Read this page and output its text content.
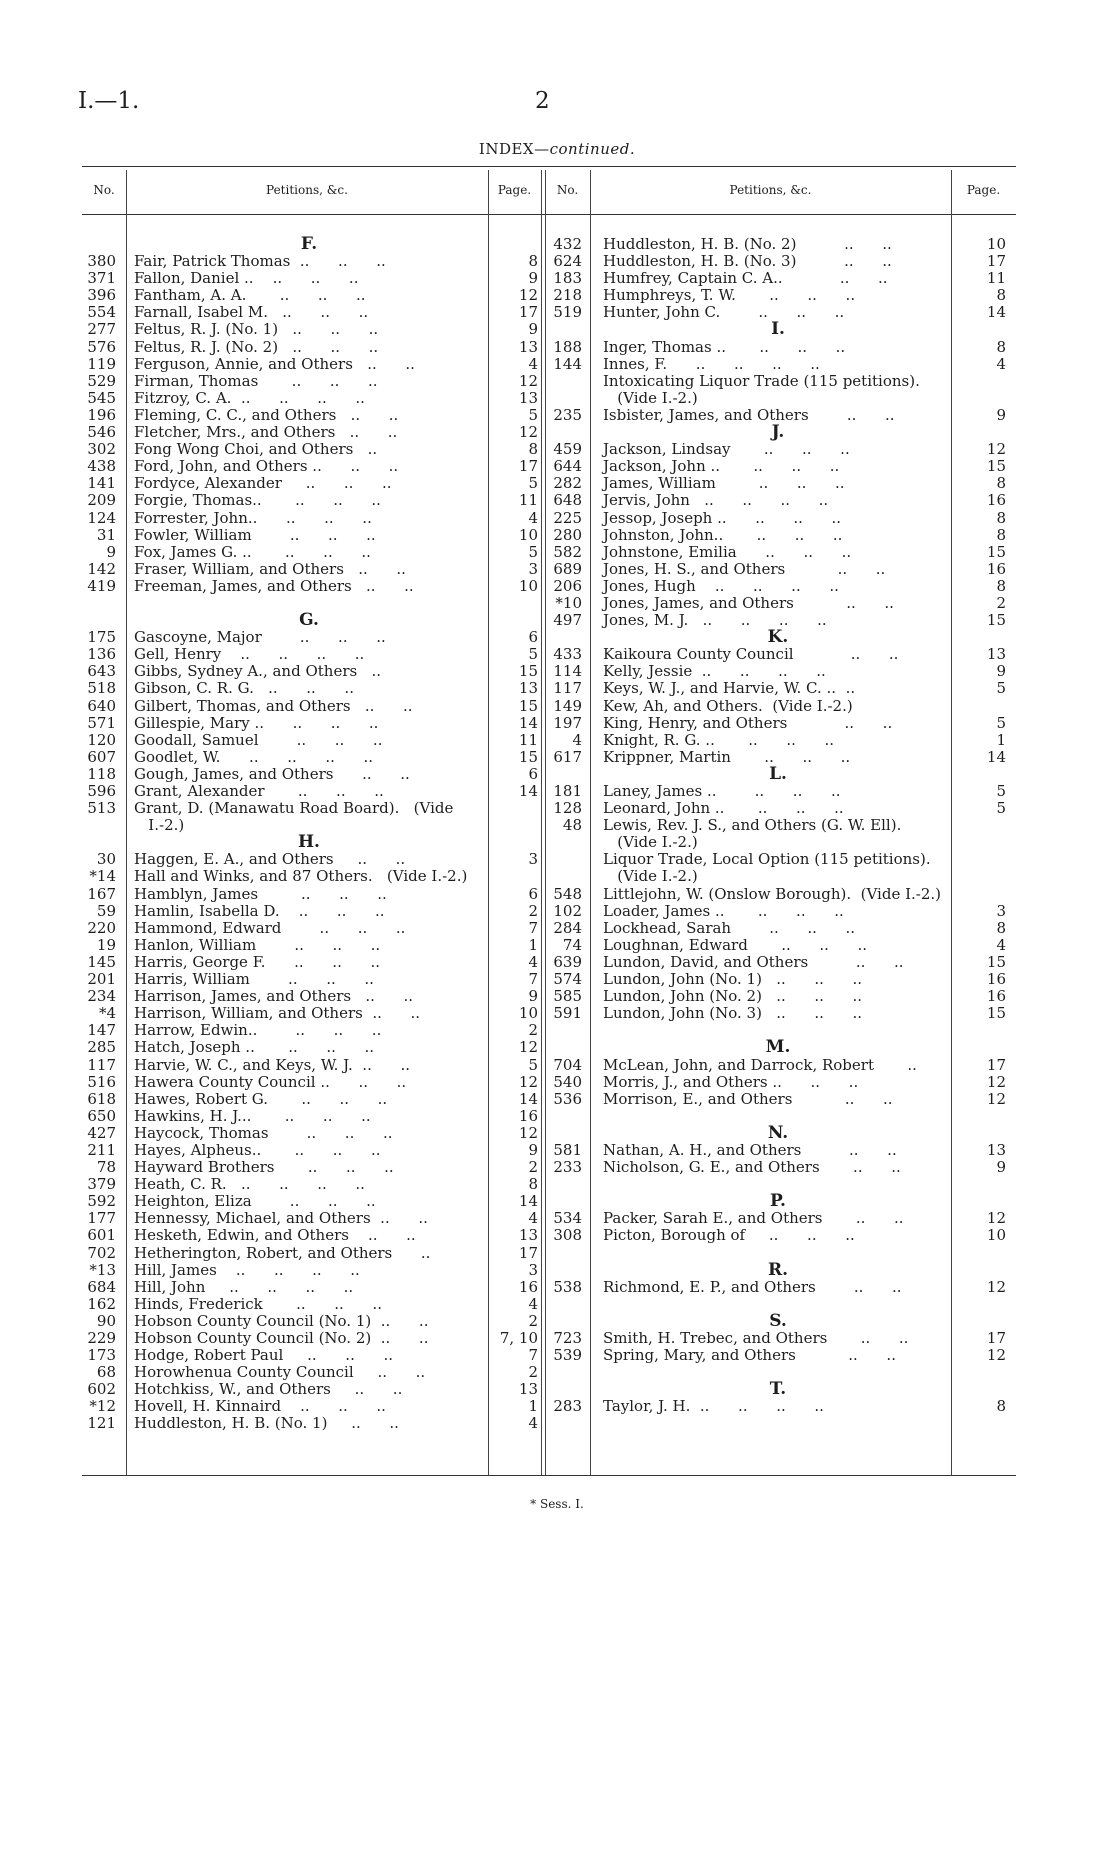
I.—1.	2
INDEX—continued.
No.	Petitions, &c.	Page.	No.	Petitions, &c.	Page.
F.
380 Fair, Patrick Thomas  ..      ..      ..	8
371 Fallon, Daniel ..    ..      ..      ..	9
396 Fantham, A. A.       ..      ..      ..	12
554 Farnall, Isabel M.   ..      ..      ..	17
277 Feltus, R. J. (No. 1)   ..      ..      ..	9
576 Feltus, R. J. (No. 2)   ..      ..      ..	13
119 Ferguson, Annie, and Others   ..      ..	4
529 Firman, Thomas       ..      ..      ..	12
545 Fitzroy, C. A.  ..      ..      ..      ..	13
196 Fleming, C. C., and Others   ..      ..	5
546 Fletcher, Mrs., and Others   ..      ..	12
302 Fong Wong Choi, and Others   ..	8
438 Ford, John, and Others ..      ..      ..	17
141 Fordyce, Alexander     ..      ..      ..	5
209 Forgie, Thomas..       ..      ..      ..	11
124 Forrester, John..      ..      ..      ..	4
31 Fowler, William        ..      ..      ..	10
9 Fox, James G. ..       ..      ..      ..	5
142 Fraser, William, and Others   ..      ..	3
419 Freeman, James, and Others   ..      ..	10
G.
175 Gascoyne, Major        ..      ..      ..	6
136 Gell, Henry    ..      ..      ..      ..	5
643 Gibbs, Sydney A., and Others   ..	15
518 Gibson, C. R. G.   ..      ..      ..	13
640 Gilbert, Thomas, and Others   ..      ..	15
571 Gillespie, Mary ..      ..      ..      ..	14
120 Goodall, Samuel        ..      ..      ..	11
607 Goodlet, W.      ..      ..      ..      ..	15
118 Gough, James, and Others      ..      ..	6
596 Grant, Alexander       ..      ..      ..	14
513 Grant, D. (Manawatu Road Board).   (Vide
I.-2.)
H.
30 Haggen, E. A., and Others     ..      ..	3
*14 Hall and Winks, and 87 Others.   (Vide I.-2.)
167 Hamblyn, James         ..      ..      ..	6
59 Hamlin, Isabella D.    ..      ..      ..	2
220 Hammond, Edward        ..      ..      ..	7
19 Hanlon, William        ..      ..      ..	1
145 Harris, George F.      ..      ..      ..	4
201 Harris, William        ..      ..      ..	7
234 Harrison, James, and Others   ..      ..	9
*4 Harrison, William, and Others  ..      ..	10
147 Harrow, Edwin..        ..      ..      ..	2
285 Hatch, Joseph ..       ..      ..      ..	12
117 Harvie, W. C., and Keys, W. J.  ..      ..	5
516 Hawera County Council ..      ..      ..	12
618 Hawes, Robert G.       ..      ..      ..	14
650 Hawkins, H. J...       ..      ..      ..	16
427 Haycock, Thomas        ..      ..      ..	12
211 Hayes, Alpheus..       ..      ..      ..	9
78 Hayward Brothers       ..      ..      ..	2
379 Heath, C. R.   ..      ..      ..      ..	8
592 Heighton, Eliza        ..      ..      ..	14
177 Hennessy, Michael, and Others  ..      ..	4
601 Hesketh, Edwin, and Others    ..      ..	13
702 Hetherington, Robert, and Others      ..	17
*13 Hill, James    ..      ..      ..      ..	3
684 Hill, John     ..      ..      ..      ..	16
162 Hinds, Frederick       ..      ..      ..	4
90 Hobson County Council (No. 1)  ..      ..	2
229 Hobson County Council (No. 2)  ..      ..	7, 10
173 Hodge, Robert Paul     ..      ..      ..	7
68 Horowhenua County Council     ..      ..	2
602 Hotchkiss, W., and Others     ..      ..	13
*12 Hovell, H. Kinnaird    ..      ..      ..	1
121 Huddleston, H. B. (No. 1)     ..      ..	4
432 Huddleston, H. B. (No. 2)          ..      ..	10
624 Huddleston, H. B. (No. 3)          ..      ..	17
183 Humfrey, Captain C. A..            ..      ..	11
218 Humphreys, T. W.       ..      ..      ..	8
519 Hunter, John C.        ..      ..      ..	14
I.
188 Inger, Thomas ..       ..      ..      ..	8
144 Innes, F.      ..      ..      ..      ..	4
Intoxicating Liquor Trade (115 petitions).
(Vide I.-2.)
235 Isbister, James, and Others        ..      ..	9
J.
459 Jackson, Lindsay       ..      ..      ..	12
644 Jackson, John ..       ..      ..      ..	15
282 James, William         ..      ..      ..	8
648 Jervis, John   ..      ..      ..      ..	16
225 Jessop, Joseph ..      ..      ..      ..	8
280 Johnston, John..       ..      ..      ..	8
582 Johnstone, Emilia      ..      ..      ..	15
689 Jones, H. S., and Others           ..      ..	16
206 Jones, Hugh    ..      ..      ..      ..	8
*10 Jones, James, and Others           ..      ..	2
497 Jones, M. J.   ..      ..      ..      ..	15
K.
433 Kaikoura County Council            ..      ..	13
114 Kelly, Jessie  ..      ..      ..      ..	9
117 Keys, W. J., and Harvie, W. C. ..  ..	5
149 Kew, Ah, and Others.  (Vide I.-2.)
197 King, Henry, and Others            ..      ..	5
4 Knight, R. G. ..       ..      ..      ..	1
617 Krippner, Martin       ..      ..      ..	14
L.
181 Laney, James ..        ..      ..      ..	5
128 Leonard, John ..       ..      ..      ..	5
48 Lewis, Rev. J. S., and Others (G. W. Ell).
(Vide I.-2.)
Liquor Trade, Local Option (115 petitions).
(Vide I.-2.)
548 Littlejohn, W. (Onslow Borough).  (Vide I.-2.)
102 Loader, James ..       ..      ..      ..	3
284 Lockhead, Sarah        ..      ..      ..	8
74 Loughnan, Edward       ..      ..      ..	4
639 Lundon, David, and Others          ..      ..	15
574 Lundon, John (No. 1)   ..      ..      ..	16
585 Lundon, John (No. 2)   ..      ..      ..	16
591 Lundon, John (No. 3)   ..      ..      ..	15
M.
704 McLean, John, and Darrock, Robert       ..	17
540 Morris, J., and Others ..      ..      ..	12
536 Morrison, E., and Others           ..      ..	12
N.
581 Nathan, A. H., and Others          ..      ..	13
233 Nicholson, G. E., and Others       ..      ..	9
P.
534 Packer, Sarah E., and Others       ..      ..	12
308 Picton, Borough of     ..      ..      ..	10
R.
538 Richmond, E. P., and Others        ..      ..	12
S.
723 Smith, H. Trebec, and Others       ..      ..	17
539 Spring, Mary, and Others           ..      ..	12
T.
283 Taylor, J. H.  ..      ..      ..      ..	8
* Sess. I.
